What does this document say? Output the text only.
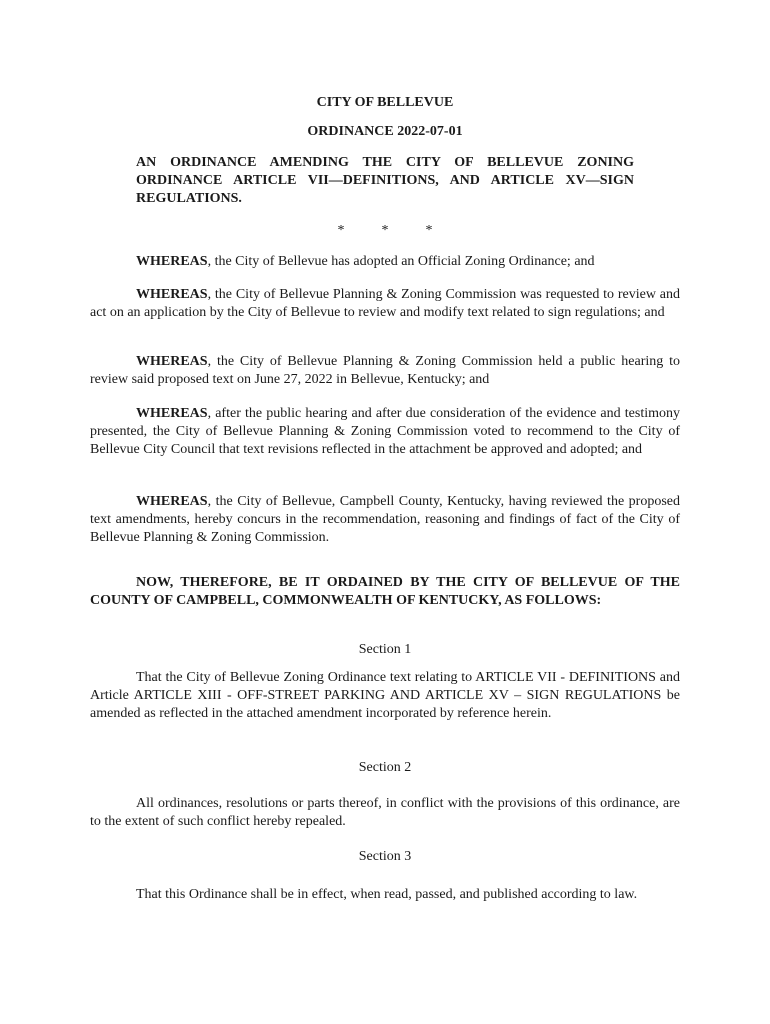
CITY OF BELLEVUE
ORDINANCE 2022-07-01
AN ORDINANCE AMENDING THE CITY OF BELLEVUE ZONING ORDINANCE ARTICLE VII—DEFINITIONS, AND ARTICLE XV—SIGN REGULATIONS.
*	*	*
WHEREAS, the City of Bellevue has adopted an Official Zoning Ordinance; and
WHEREAS, the City of Bellevue Planning & Zoning Commission was requested to review and act on an application by the City of Bellevue to review and modify text related to sign regulations; and
WHEREAS, the City of Bellevue Planning & Zoning Commission held a public hearing to review said proposed text on June 27, 2022 in Bellevue, Kentucky; and
WHEREAS, after the public hearing and after due consideration of the evidence and testimony presented, the City of Bellevue Planning & Zoning Commission voted to recommend to the City of Bellevue City Council that text revisions reflected in the attachment be approved and adopted; and
WHEREAS, the City of Bellevue, Campbell County, Kentucky, having reviewed the proposed text amendments, hereby concurs in the recommendation, reasoning and findings of fact of the City of Bellevue Planning & Zoning Commission.
NOW, THEREFORE, BE IT ORDAINED BY THE CITY OF BELLEVUE OF THE COUNTY OF CAMPBELL, COMMONWEALTH OF KENTUCKY, AS FOLLOWS:
Section 1
That the City of Bellevue Zoning Ordinance text relating to ARTICLE VII - DEFINITIONS and Article ARTICLE XIII - OFF-STREET PARKING AND ARTICLE XV – SIGN REGULATIONS be amended as reflected in the attached amendment incorporated by reference herein.
Section 2
All ordinances, resolutions or parts thereof, in conflict with the provisions of this ordinance, are to the extent of such conflict hereby repealed.
Section 3
That this Ordinance shall be in effect, when read, passed, and published according to law.
